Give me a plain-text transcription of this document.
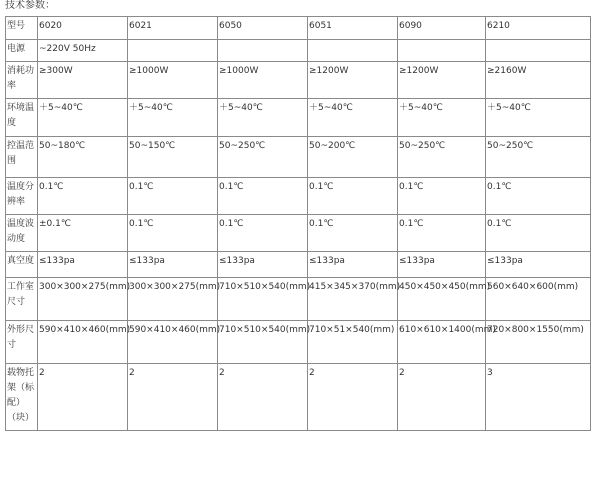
技术参数：
型号	6020	6021	6050	6051	6090	6210
电源	~220V 50Hz					
消耗功率	≥300W	≥1000W	≥1000W	≥1200W	≥1200W	≥2160W
环境温度	＋5~40℃	＋5~40℃	＋5~40℃	＋5~40℃	＋5~40℃	＋5~40℃
控温范围	50~180℃	50~150℃	50~250℃	50~200℃	50~250℃	50~250℃
温度分辨率	0.1℃	0.1℃	0.1℃	0.1℃	0.1℃	0.1℃
温度波动度	±0.1℃	0.1℃	0.1℃	0.1℃	0.1℃	0.1℃
真空度	≤133pa	≤133pa	≤133pa	≤133pa	≤133pa	≤133pa
工作室尺寸	300×300×275(mm)	300×300×275(mm)	710×510×540(mm)	415×345×370(mm)	450×450×450(mm)	560×640×600(mm)
外形尺寸	590×410×460(mm)	590×410×460(mm)	710×510×540(mm)	710×51×540(mm)	610×610×1400(mm)	720×800×1550(mm)
载物托架（标配）（块）	2	2	2	2	2	3
